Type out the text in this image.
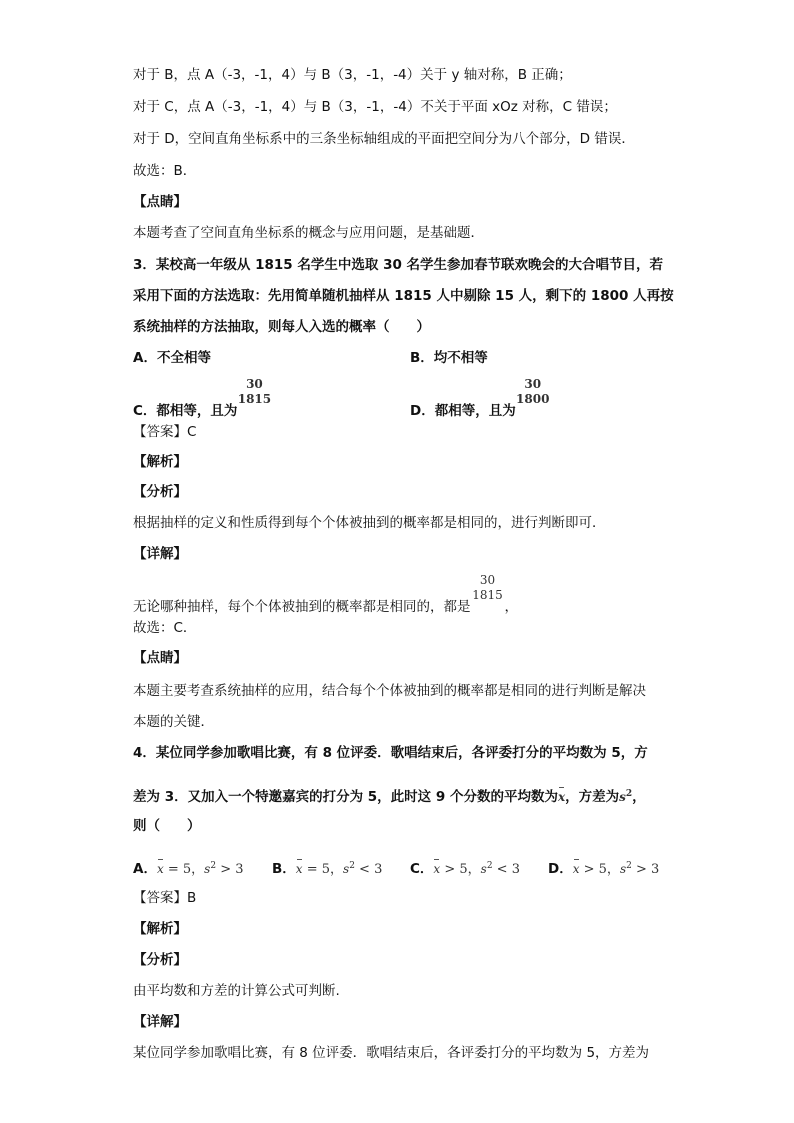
对于 B，点 A（-3，-1，4）与 B（3，-1，-4）关于 y 轴对称，B 正确；
对于 C，点 A（-3，-1，4）与 B（3，-1，-4）不关于平面 xOz 对称，C 错误；
对于 D，空间直角坐标系中的三条坐标轴组成的平面把空间分为八个部分，D 错误．
故选：B．
【点睛】
本题考查了空间直角坐标系的概念与应用问题，是基础题．
3．某校高一年级从 1815 名学生中选取 30 名学生参加春节联欢晚会的大合唱节目，若
采用下面的方法选取：先用简单随机抽样从 1815 人中剔除 15 人，剩下的 1800 人再按
系统抽样的方法抽取，则每人入选的概率（　　）
A．不全相等	B．均不相等
C．都相等，且为
30
1815
D．都相等，且为
30
1800
【答案】C
【解析】
【分析】
根据抽样的定义和性质得到每个个体被抽到的概率都是相同的，进行判断即可．
【详解】
无论哪种抽样，每个个体被抽到的概率都是相同的，都是
30
1815
，
故选：C．
【点睛】
本题主要考查系统抽样的应用，结合每个个体被抽到的概率都是相同的进行判断是解决
本题的关键．
4．某位同学参加歌唱比赛，有 8 位评委．歌唱结束后，各评委打分的平均数为 5，方
差为 3．又加入一个特邀嘉宾的打分为 5，此时这 9 个分数的平均数为x，方差为$s^2$，
则（　　）
A．x = 5，$s^2 > 3$ B．x = 5，$s^2 < 3$ C．x > 5，$s^2 < 3$ D．x > 5，$s^2 > 3$
【答案】B
【解析】
【分析】
由平均数和方差的计算公式可判断.
【详解】
某位同学参加歌唱比赛，有 8 位评委．歌唱结束后，各评委打分的平均数为 5，方差为
